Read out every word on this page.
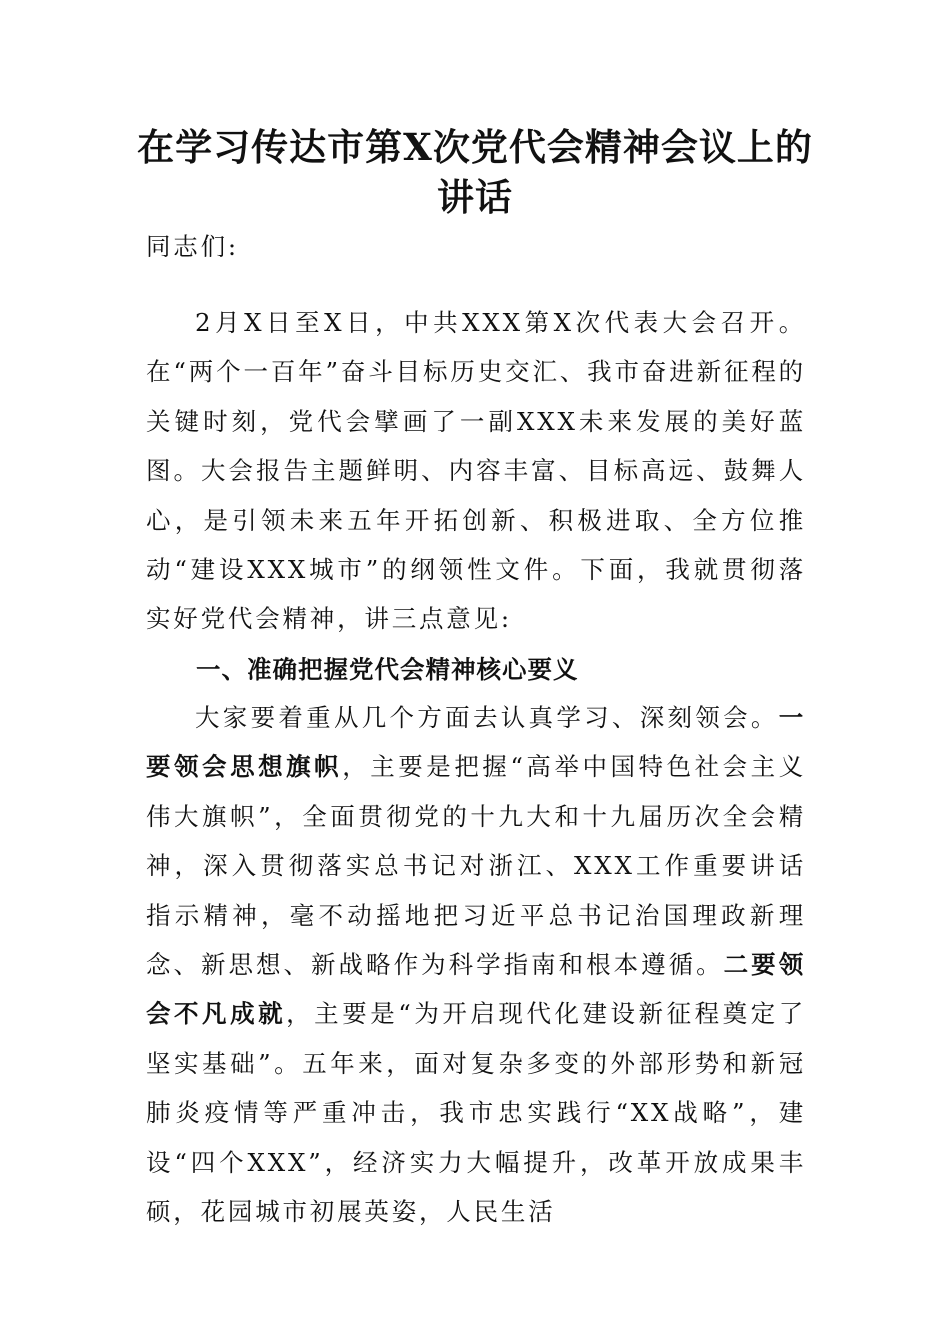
在学习传达市第X次党代会精神会议上的
讲话

同志们:

2月X日至X日，中共XXX第X次代表大会召开。在“两个一百年”奋斗目标历史交汇、我市奋进新征程的关键时刻，党代会擘画了一副XXX未来发展的美好蓝图。大会报告主题鲜明、内容丰富、目标高远、鼓舞人心，是引领未来五年开拓创新、积极进取、全方位推动“建设XXX城市”的纲领性文件。下面，我就贯彻落实好党代会精神，讲三点意见:

一、准确把握党代会精神核心要义

大家要着重从几个方面去认真学习、深刻领会。一要领会思想旗帜，主要是把握“高举中国特色社会主义伟大旗帜”，全面贯彻党的十九大和十九届历次全会精神，深入贯彻落实总书记对浙江、XXX工作重要讲话指示精神，毫不动摇地把习近平总书记治国理政新理念、新思想、新战略作为科学指南和根本遵循。二要领会不凡成就，主要是“为开启现代化建设新征程奠定了坚实基础”。五年来，面对复杂多变的外部形势和新冠肺炎疫情等严重冲击，我市忠实践行“XX战略”，建设“四个XXX”，经济实力大幅提升，改革开放成果丰硕，花园城市初展英姿，人民生活
